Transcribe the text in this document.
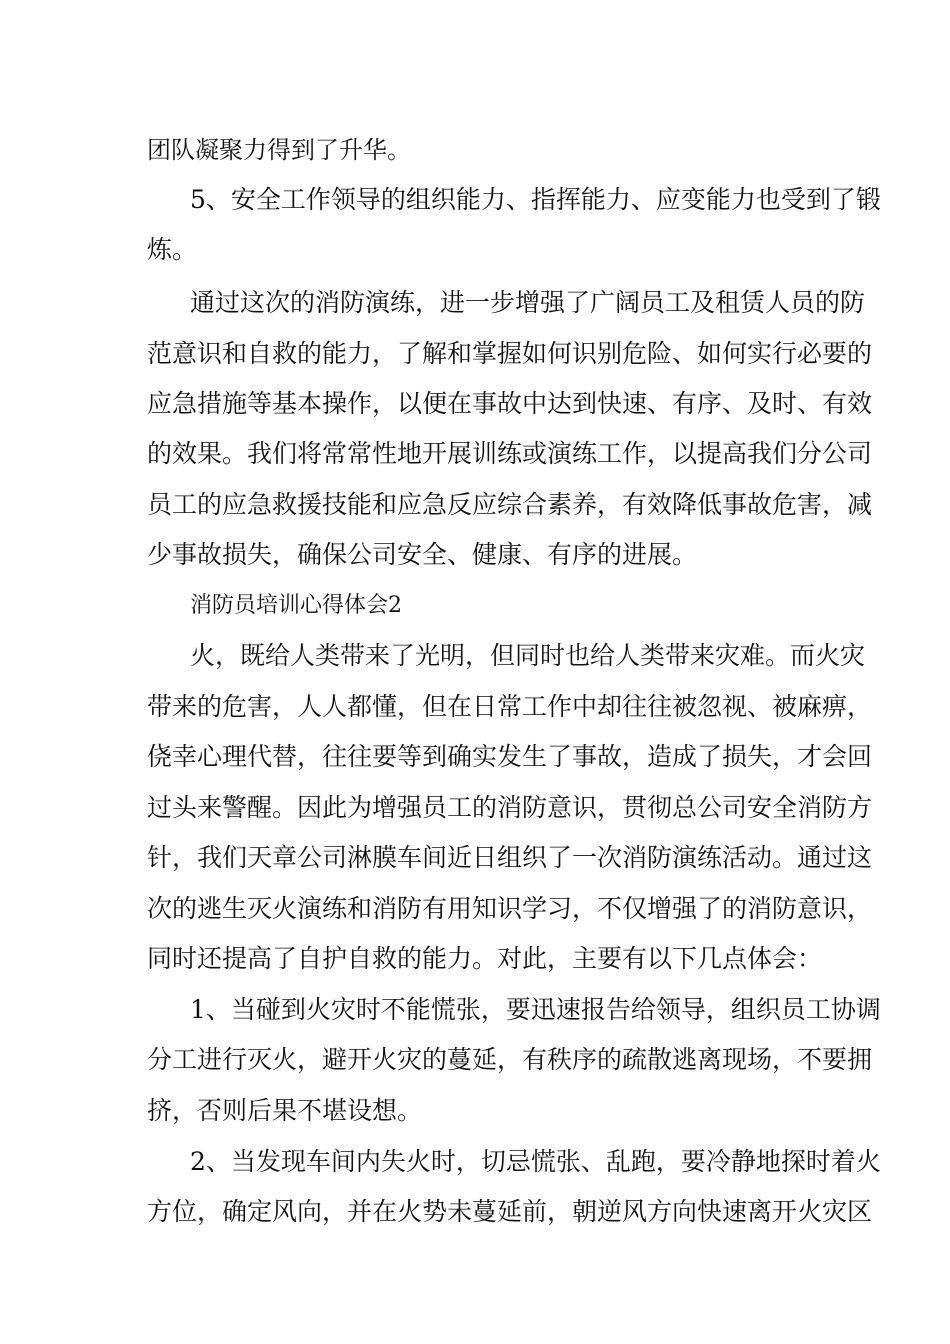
团队凝聚力得到了升华。
5、安全工作领导的组织能力、指挥能力、应变能力也受到了锻
炼。
通过这次的消防演练，进一步增强了广阔员工及租赁人员的防
范意识和自救的能力，了解和掌握如何识别危险、如何实行必要的
应急措施等基本操作，以便在事故中达到快速、有序、及时、有效
的效果。我们将常常性地开展训练或演练工作，以提高我们分公司
员工的应急救援技能和应急反应综合素养，有效降低事故危害，减
少事故损失，确保公司安全、健康、有序的进展。
消防员培训心得体会2
火，既给人类带来了光明，但同时也给人类带来灾难。而火灾
带来的危害，人人都懂，但在日常工作中却往往被忽视、被麻痹，
侥幸心理代替，往往要等到确实发生了事故，造成了损失，才会回
过头来警醒。因此为增强员工的消防意识，贯彻总公司安全消防方
针，我们天章公司淋膜车间近日组织了一次消防演练活动。通过这
次的逃生灭火演练和消防有用知识学习，不仅增强了的消防意识，
同时还提高了自护自救的能力。对此，主要有以下几点体会：
1、当碰到火灾时不能慌张，要迅速报告给领导，组织员工协调
分工进行灭火，避开火灾的蔓延，有秩序的疏散逃离现场，不要拥
挤，否则后果不堪设想。
2、当发现车间内失火时，切忌慌张、乱跑，要冷静地探时着火
方位，确定风向，并在火势未蔓延前，朝逆风方向快速离开火灾区
